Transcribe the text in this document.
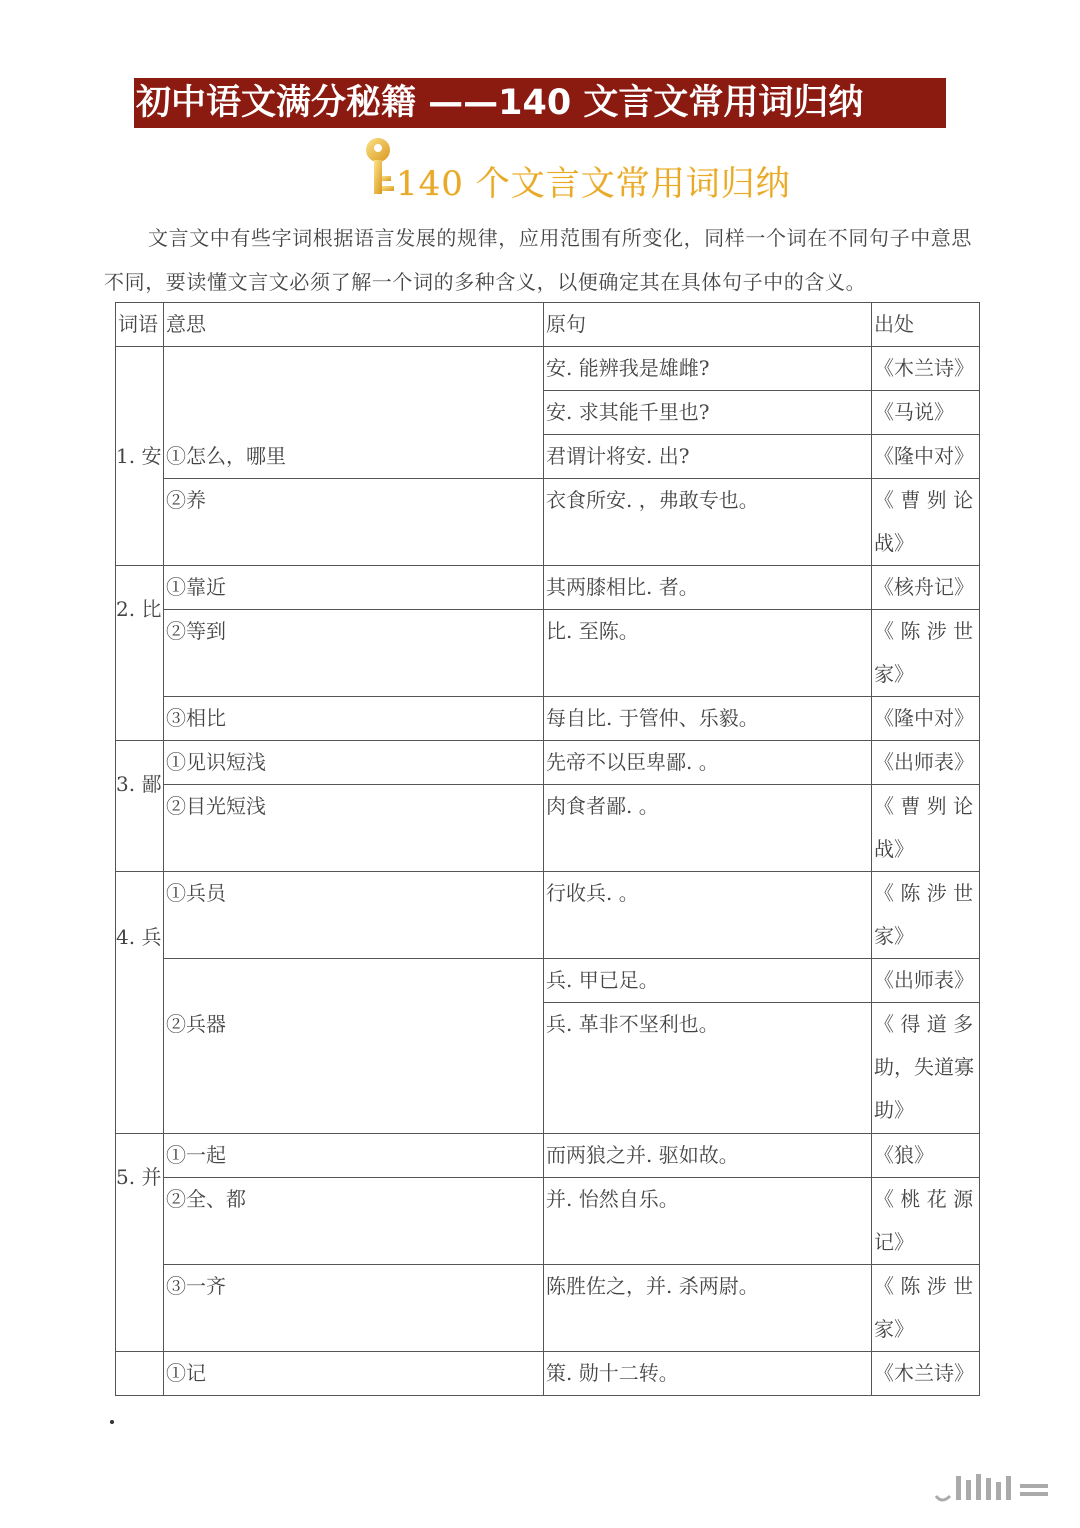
初中语文满分秘籍 ——140 文言文常用词归纳
140 个文言文常用词归纳

文言文中有些字词根据语言发展的规律，应用范围有所变化，同样一个词在不同句子中意思不同，要读懂文言文必须了解一个词的多种含义，以便确定其在具体句子中的含义。

词语	意思	原句	出处
1. 安	①怎么，哪里	安. 能辨我是雄雌?	《木兰诗》
		安. 求其能千里也?	《马说》
		君谓计将安. 出?	《隆中对》
	②养	衣食所安. ，弗敢专也。	《 曹 刿 论战》

2. 比	①靠近	其两膝相比. 者。	《核舟记》
	②等到	比. 至陈。	《 陈 涉 世家》
	③相比	每自比. 于管仲、乐毅。	《隆中对》
3. 鄙	①见识短浅	先帝不以臣卑鄙. 。	《出师表》
	②目光短浅	肉食者鄙. 。	《 曹 刿 论战》
4. 兵	①兵员	行收兵. 。	《 陈 涉 世家》
	②兵器	兵. 甲已足。	《出师表》
		兵. 革非不坚利也。	《 得 道 多助，失道寡助》
5. 并	①一起	而两狼之并. 驱如故。	《狼》
	②全、都	并. 怡然自乐。	《 桃 花 源记》
	③一齐	陈胜佐之，并. 杀两尉。	《 陈 涉 世家》
	①记	策. 勋十二转。	《木兰诗》
